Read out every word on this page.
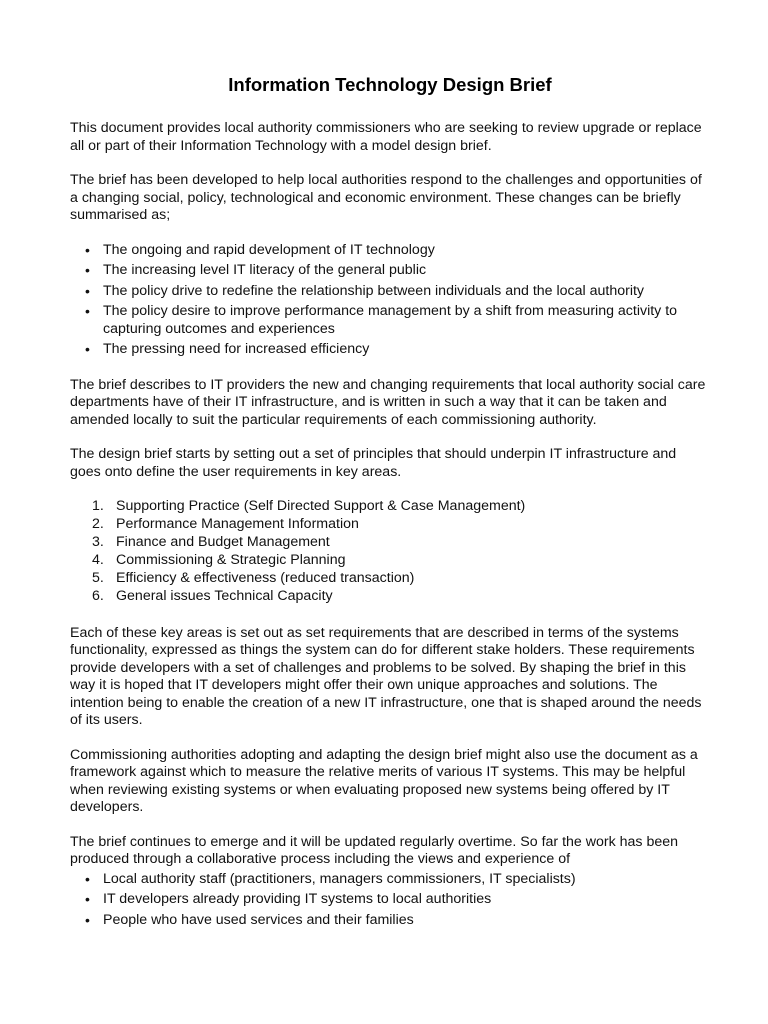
Information Technology Design Brief

This document provides local authority commissioners who are seeking to review upgrade or replace all or part of their Information Technology with a model design brief.

The brief has been developed to help local authorities respond to the challenges and opportunities of a changing social, policy, technological and economic environment. These changes can be briefly summarised as;

• The ongoing and rapid development of IT technology
• The increasing level IT literacy of the general public
• The policy drive to redefine the relationship between individuals and the local authority
• The policy desire to improve performance management by a shift from measuring activity to capturing outcomes and experiences
• The pressing need for increased efficiency

The brief describes to IT providers the new and changing requirements that local authority social care departments have of their IT infrastructure, and is written in such a way that it can be taken and amended locally to suit the particular requirements of each commissioning authority.

The design brief starts by setting out a set of principles that should underpin IT infrastructure and goes onto define the user requirements in key areas.

1. Supporting Practice (Self Directed Support & Case Management)
2. Performance Management Information
3. Finance and Budget Management
4. Commissioning & Strategic Planning
5. Efficiency & effectiveness (reduced transaction)
6. General issues Technical Capacity

Each of these key areas is set out as set requirements that are described in terms of the systems functionality, expressed as things the system can do for different stake holders. These requirements provide developers with a set of challenges and problems to be solved. By shaping the brief in this way it is hoped that IT developers might offer their own unique approaches and solutions. The intention being to enable the creation of a new IT infrastructure, one that is shaped around the needs of its users.

Commissioning authorities adopting and adapting the design brief might also use the document as a framework against which to measure the relative merits of various IT systems. This may be helpful when reviewing existing systems or when evaluating proposed new systems being offered by IT developers.

The brief continues to emerge and it will be updated regularly overtime. So far the work has been produced through a collaborative process including the views and experience of

• Local authority staff (practitioners, managers commissioners, IT specialists)
• IT developers already providing IT systems to local authorities
• People who have used services and their families
